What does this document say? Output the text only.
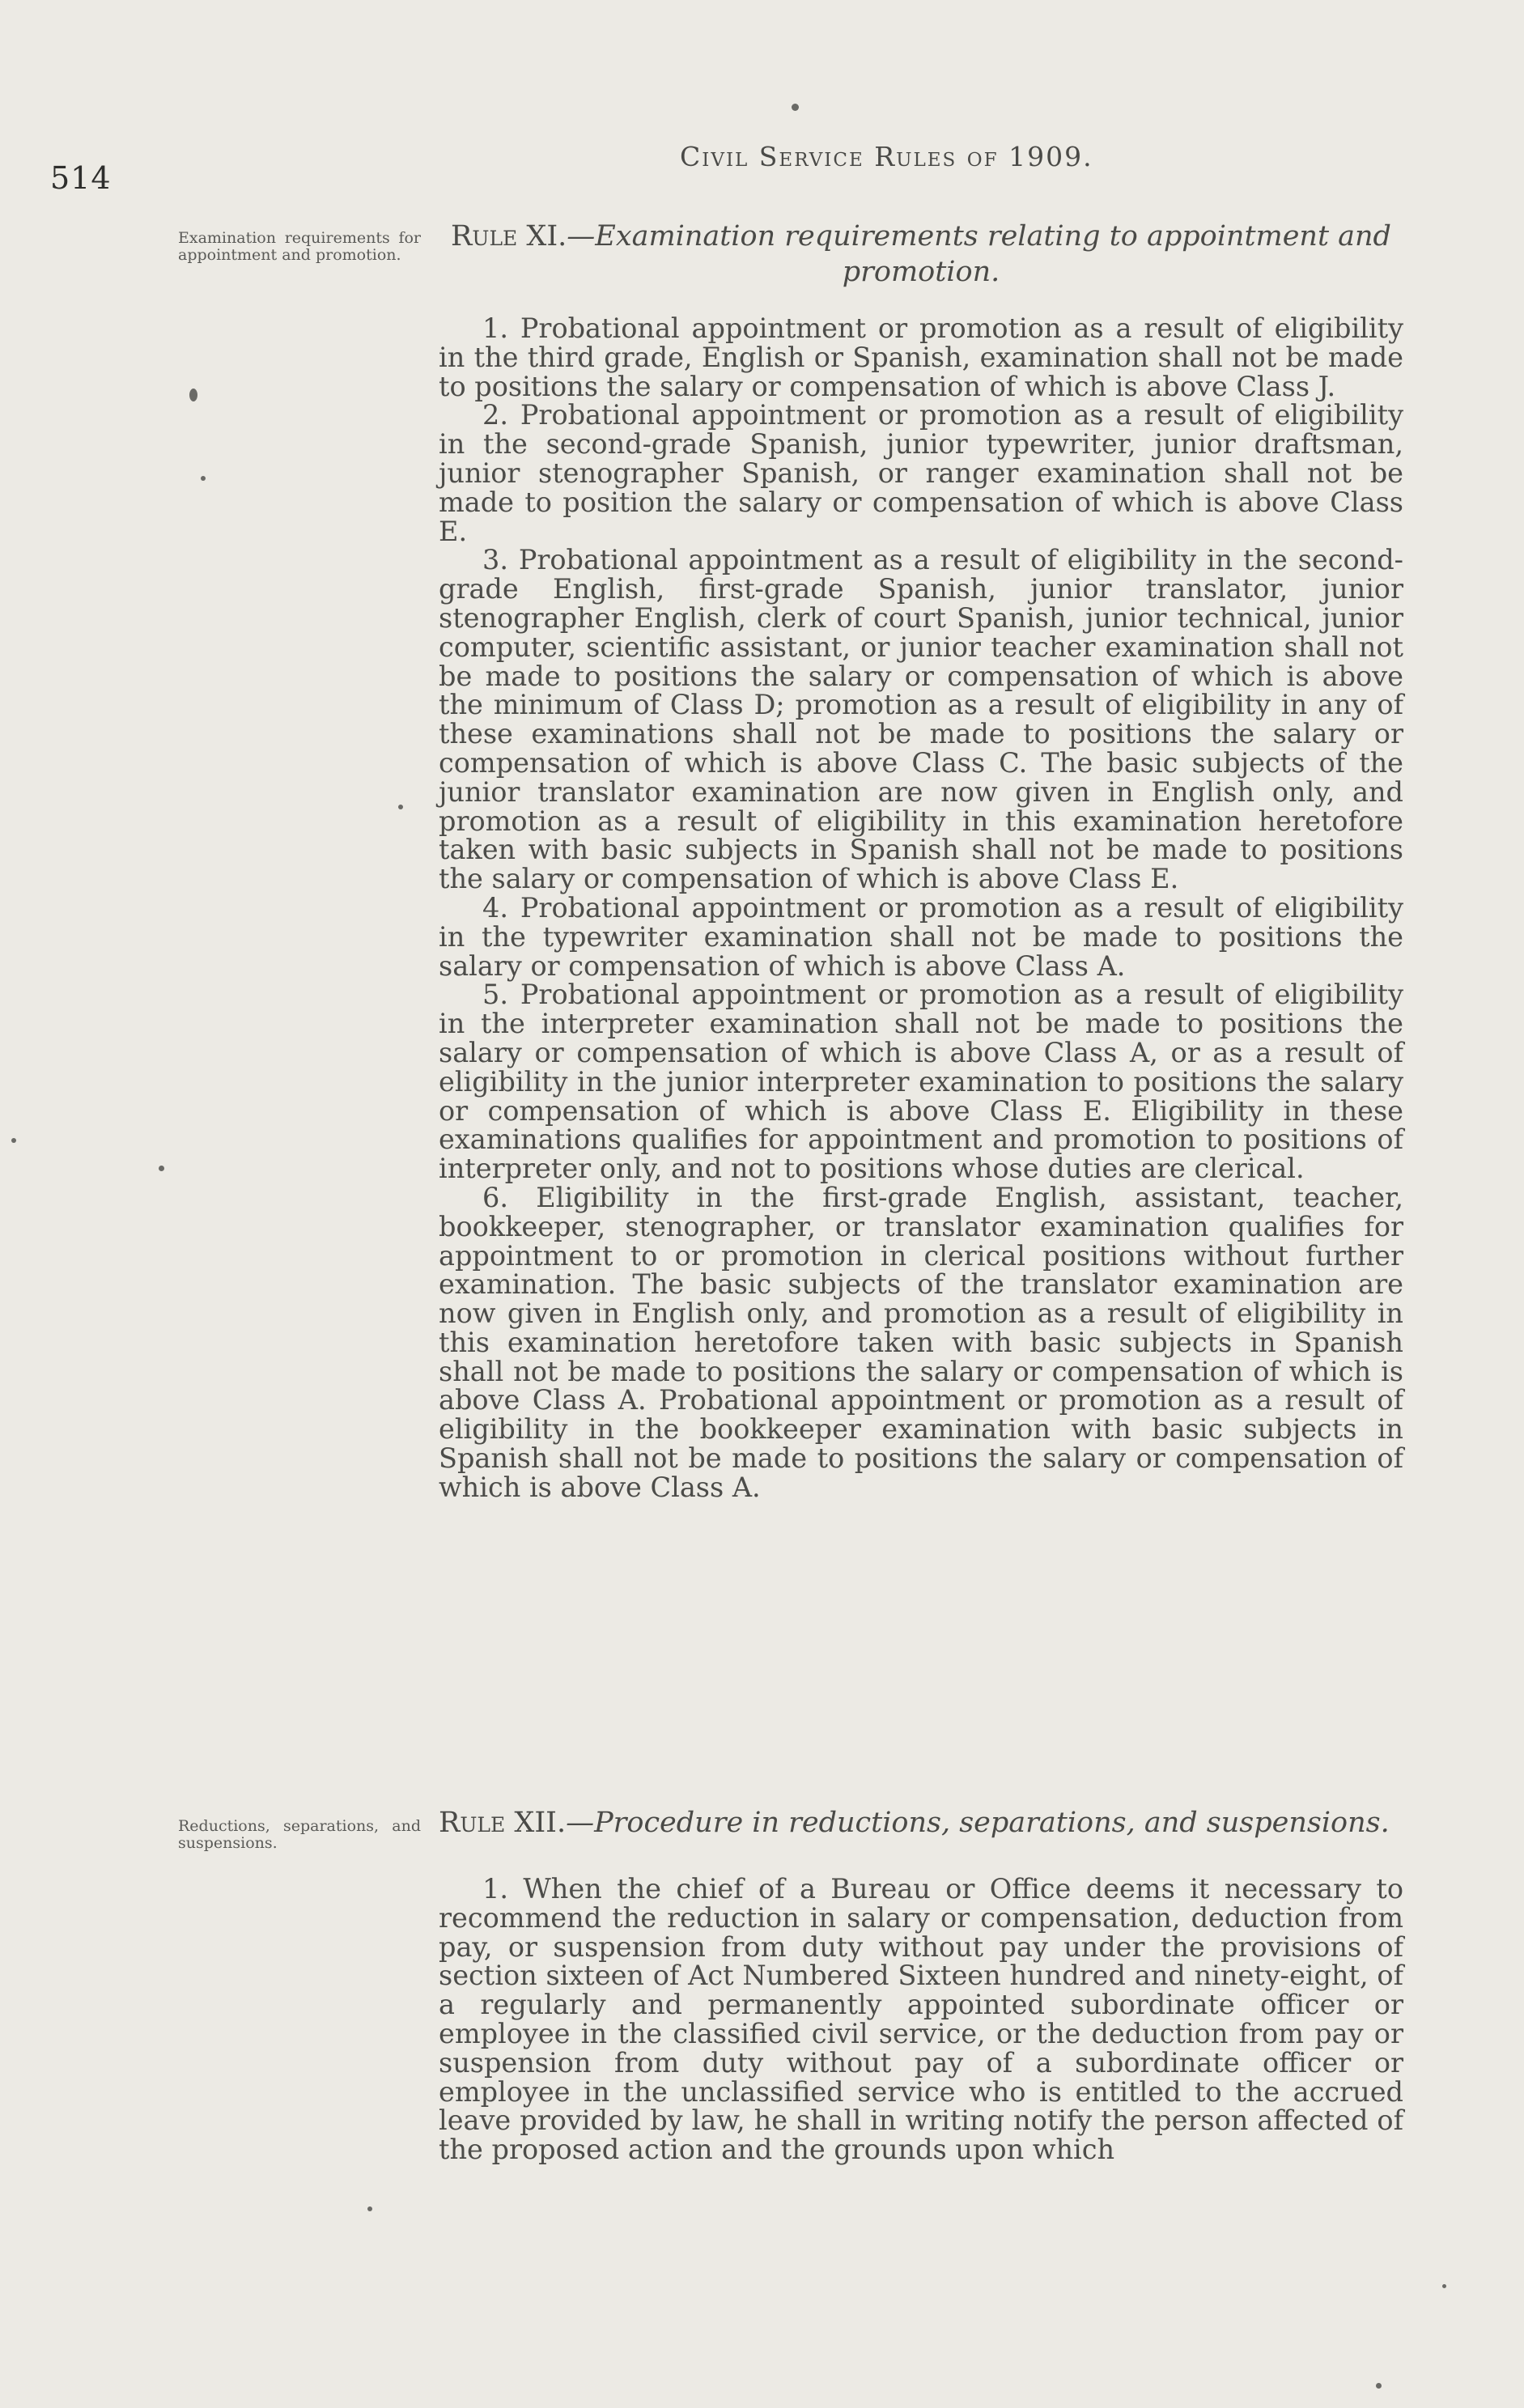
514
Civil Service Rules of 1909.
Examination requirements for appointment and promotion.
Rule XI.—Examination requirements relating to appointment and promotion.

1. Probational appointment or promotion as a result of eligibility in the third grade, English or Spanish, examination shall not be made to positions the salary or compensation of which is above Class J.

2. Probational appointment or promotion as a result of eligibility in the second-grade Spanish, junior typewriter, junior draftsman, junior stenographer Spanish, or ranger examination shall not be made to position the salary or compensation of which is above Class E.

3. Probational appointment as a result of eligibility in the second-grade English, first-grade Spanish, junior translator, junior stenographer English, clerk of court Spanish, junior technical, junior computer, scientific assistant, or junior teacher examination shall not be made to positions the salary or compensation of which is above the minimum of Class D; promotion as a result of eligibility in any of these examinations shall not be made to positions the salary or compensation of which is above Class C. The basic subjects of the junior translator examination are now given in English only, and promotion as a result of eligibility in this examination heretofore taken with basic subjects in Spanish shall not be made to positions the salary or compensation of which is above Class E.

4. Probational appointment or promotion as a result of eligibility in the typewriter examination shall not be made to positions the salary or compensation of which is above Class A.

5. Probational appointment or promotion as a result of eligibility in the interpreter examination shall not be made to positions the salary or compensation of which is above Class A, or as a result of eligibility in the junior interpreter examination to positions the salary or compensation of which is above Class E. Eligibility in these examinations qualifies for appointment and promotion to positions of interpreter only, and not to positions whose duties are clerical.

6. Eligibility in the first-grade English, assistant, teacher, bookkeeper, stenographer, or translator examination qualifies for appointment to or promotion in clerical positions without further examination. The basic subjects of the translator examination are now given in English only, and promotion as a result of eligibility in this examination heretofore taken with basic subjects in Spanish shall not be made to positions the salary or compensation of which is above Class A. Probational appointment or promotion as a result of eligibility in the bookkeeper examination with basic subjects in Spanish shall not be made to positions the salary or compensation of which is above Class A.

Reductions, separations, and suspensions.
Rule XII.—Procedure in reductions, separations, and suspensions.

1. When the chief of a Bureau or Office deems it necessary to recommend the reduction in salary or compensation, deduction from pay, or suspension from duty without pay under the provisions of section sixteen of Act Numbered Sixteen hundred and ninety-eight, of a regularly and permanently appointed subordinate officer or employee in the classified civil service, or the deduction from pay or suspension from duty without pay of a subordinate officer or employee in the unclassified service who is entitled to the accrued leave provided by law, he shall in writing notify the person affected of the proposed action and the grounds upon which
